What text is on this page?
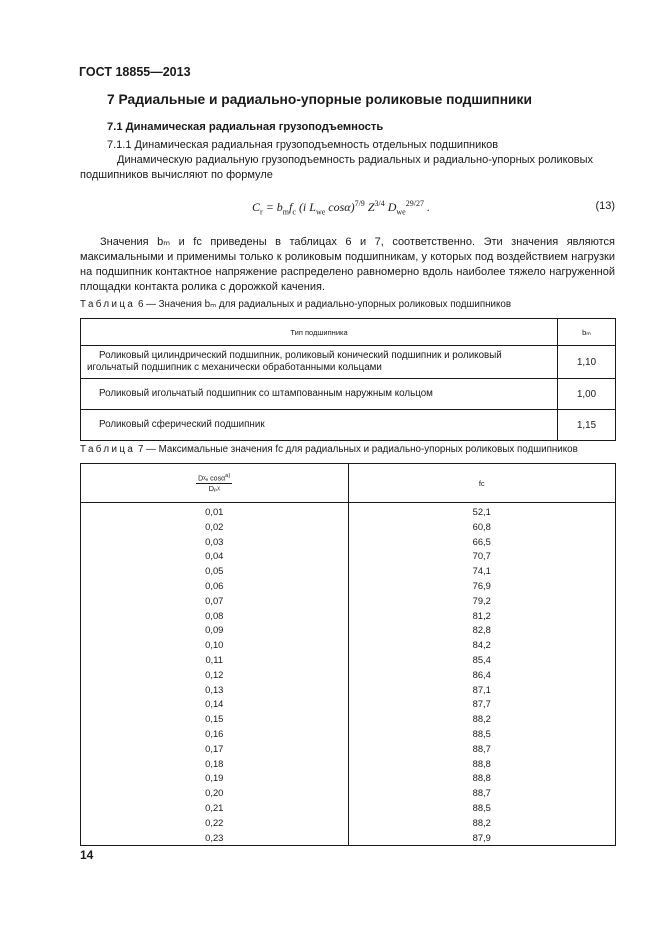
ГОСТ 18855—2013
7 Радиальные и радиально-упорные роликовые подшипники
7.1 Динамическая радиальная грузоподъемность
7.1.1 Динамическая радиальная грузоподъемность отдельных подшипников
Динамическую радиальную грузоподъемность радиальных и радиально-упорных роликовых подшипников вычисляют по формуле
$C_r = b_mf_c$ (i $L_{we}$ cosα)$^{7/9}$ $Z^{3/4}$ $D_{we}^{29/27}$ .	(13)
Значения bₘ и fᴄ приведены в таблицах 6 и 7, соответственно. Эти значения являются максимальными и применимы только к роликовым подшипникам, у которых под воздействием нагрузки на подшипник контактное напряжение распределено равномерно вдоль наиболее тяжело нагруженной площадки контакта ролика с дорожкой качения.
Таблица 6 — Значения bₘ для радиальных и радиально-упорных роликовых подшипников
Тип подшипника	bₘ
Роликовый цилиндрический подшипник, роликовый конический подшипник и роликовый игольчатый подшипник с механически обработанными кольцами	1,10
Роликовый игольчатый подшипник со штампованным наружным кольцом	1,00
Роликовый сферический подшипник	1,15
Таблица 7 — Максимальные значения fᴄ для радиальных и радиально-упорных роликовых подшипников
$\frac{Dᵡ_e \cos\alpha^{a)}}{\text{Dₚᵡ}}$	fᴄ
0,01	52,1
0,02	60,8
0,03	66,5
0,04	70,7
0,05	74,1
0,06	76,9
0,07	79,2
0,08	81,2
0,09	82,8
0,10	84,2
0,11	85,4
0,12	86,4
0,13	87,1
0,14	87,7
0,15	88,2
0,16	88,5
0,17	88,7
0,18	88,8
0,19	88,8
0,20	88,7
0,21	88,5
0,22	88,2
0,23	87,9
14
